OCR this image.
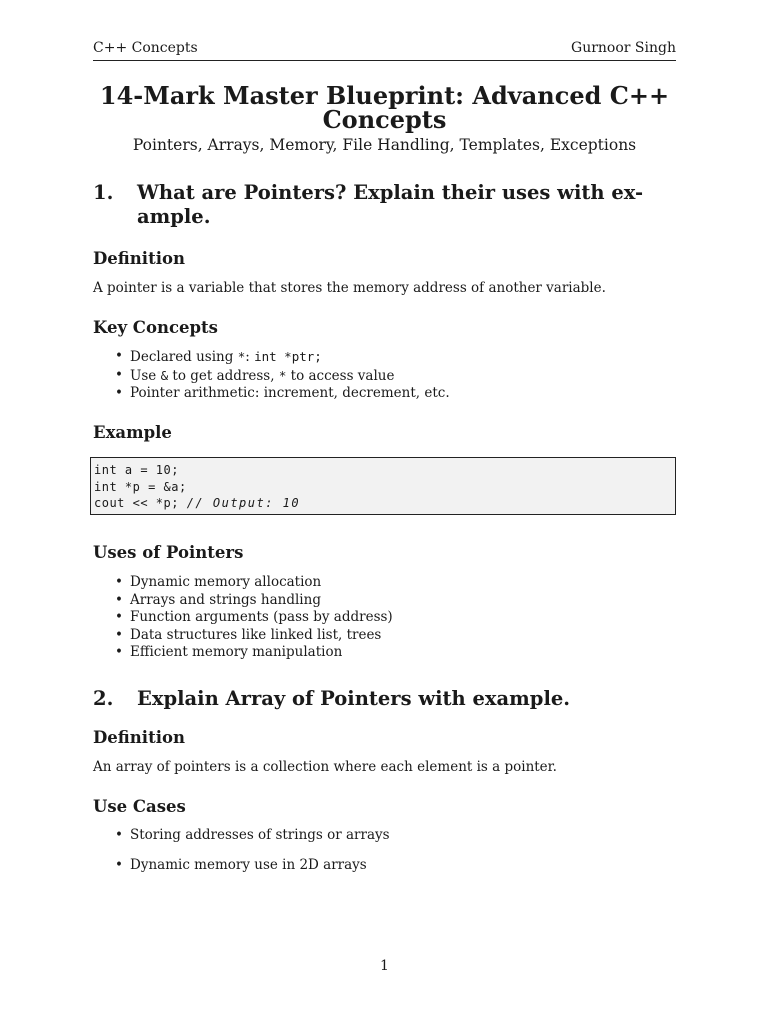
C++ Concepts	Gurnoor Singh
14-Mark Master Blueprint: Advanced C++
Concepts
Pointers, Arrays, Memory, File Handling, Templates, Exceptions
1.	What are Pointers? Explain their uses with ex-
ample.
Definition
A pointer is a variable that stores the memory address of another variable.
Key Concepts
• Declared using *: int *ptr;
• Use & to get address, * to access value
• Pointer arithmetic: increment, decrement, etc.
Example
int a = 10;
int *p = &a;
cout << *p; // Output: 10
Uses of Pointers
• Dynamic memory allocation
• Arrays and strings handling
• Function arguments (pass by address)
• Data structures like linked list, trees
• Efficient memory manipulation
2.	Explain Array of Pointers with example.
Definition
An array of pointers is a collection where each element is a pointer.
Use Cases
• Storing addresses of strings or arrays
• Dynamic memory use in 2D arrays
1
